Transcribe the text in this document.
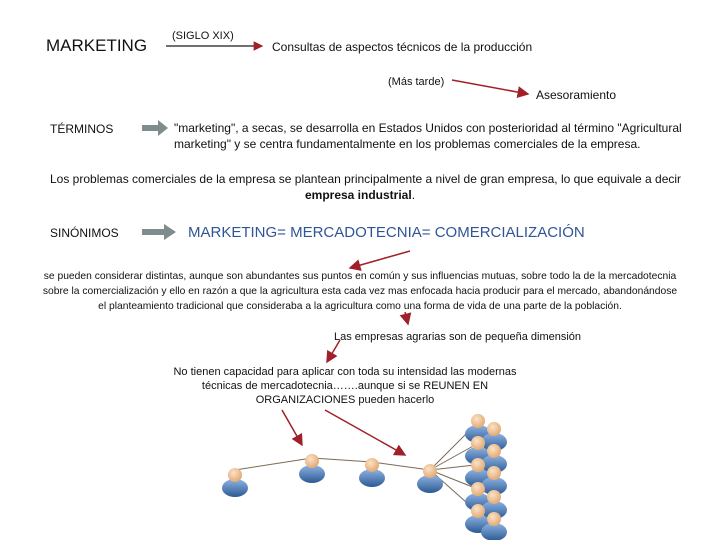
MARKETING (SIGLO XIX)
Consultas de aspectos técnicos de la producción
(Más tarde)
Asesoramiento
TÉRMINOS	"marketing", a secas, se desarrolla en Estados Unidos con posterioridad al término "Agricultural
marketing" y se centra fundamentalmente en los problemas comerciales de la empresa.
Los problemas comerciales de la empresa se plantean principalmente a nivel de gran empresa, lo que equivale a decir
empresa industrial.
SINÓNIMOS	MARKETING= MERCADOTECNIA= COMERCIALIZACIÓN
se pueden considerar distintas, aunque son abundantes sus puntos en común y sus influencias mutuas, sobre todo la de la mercadotecnia
sobre la comercialización y ello en razón a que la agricultura esta cada vez mas enfocada hacia producir para el mercado, abandonándose
el planteamiento tradicional que consideraba a la agricultura como una forma de vida de una parte de la población.
Las empresas agrarias son de pequeña dimensión
No tienen capacidad para aplicar con toda su intensidad las modernas
técnicas de mercadotecnia…….aunque si se REUNEN EN
ORGANIZACIONES pueden hacerlo
